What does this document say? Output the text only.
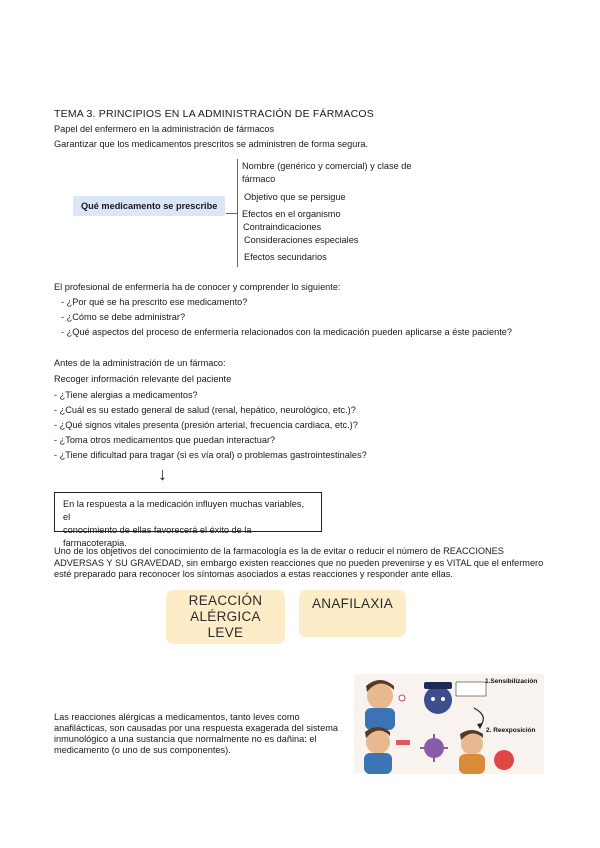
TEMA 3. PRINCIPIOS EN LA ADMINISTRACIÓN DE FÁRMACOS
Papel del enfermero en la administración de fármacos
Garantizar que los medicamentos prescritos se administren de forma segura.
Qué medicamento se prescribe
Nombre (genérico y comercial) y clase de
fármaco
Objetivo que se persigue
Efectos en el organismo
Contraindicaciones
Consideraciones especiales
Efectos secundarios
El profesional de enfermería ha de conocer y comprender lo siguiente:
- ¿Por qué se ha prescrito ese medicamento?
- ¿Cómo se debe administrar?
- ¿Qué aspectos del proceso de enfermería relacionados con la medicación pueden aplicarse a éste paciente?
Antes de la administración de un fármaco:
Recoger información relevante del paciente
- ¿Tiene alergias a medicamentos?
- ¿Cuál es su estado general de salud (renal, hepático, neurológico, etc.)?
- ¿Qué signos vitales presenta (presión arterial, frecuencia cardiaca, etc.)?
- ¿Toma otros medicamentos que puedan interactuar?
- ¿Tiene dificultad para tragar (si es vía oral) o problemas gastrointestinales?
↓
En la respuesta a la medicación influyen muchas variables, el
conocimiento de ellas favorecerá el éxito de la farmacoterapia.
Uno de los objetivos del conocimiento de la farmacología es la de evitar o reducir el número de REACCIONES
ADVERSAS Y SU GRAVEDAD, sin embargo existen reacciones que no pueden prevenirse y es VITAL que el enfermero
esté preparado para reconocer los síntomas asociados a estas reacciones y responder ante ellas.
REACCIÓN
ALÉRGICA
LEVE
ANAFILAXIA
Las reacciones alérgicas a medicamentos, tanto leves como
anafilácticas, son causadas por una respuesta exagerada del sistema
inmunológico a una sustancia que normalmente no es dañina: el
medicamento (o uno de sus componentes).
1.Sensibilización
2. Reexposición
